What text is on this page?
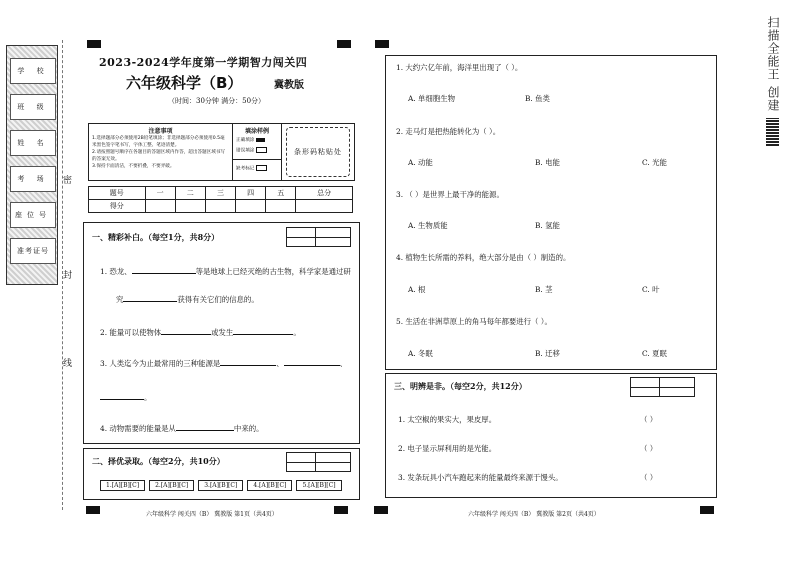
学 校
班 级
姓 名
考 场
座位号
准考证号
密
封
线
2023-2024学年度第一学期智力闯关四
六年级科学（B）	冀教版
（时间：30分钟 满分：50分）
注意事项
1.选择题部分必须使用2B铅笔填涂；非选择题部分必须使用0.5毫米黑色签字笔书写，字体工整、笔迹清楚。
2.请按照题号顺序在各题目的答题区域内作答，超出答题区域书写的答案无效。
3.保持卡面清洁，不要折叠，不要弄破。
填涂样例
正确填涂
错误填涂
缺考标记
条形码粘贴处
题号	一	二	三	四	五	总分
得分						
一、精彩补白。（每空1分，共8分）
1. 恐龙、	等是地球上已经灭绝的古生物，科学家是通过研
究	获得有关它们的信息的。
2. 能量可以使物体	或发生	。
3. 人类迄今为止最常用的三种能源是	、	、
。
4. 动物需要的能量是从	中来的。
二、择优录取。（每空2分，共10分）
1.[A][B][C]	2.[A][B][C]	3.[A][B][C]	4.[A][B][C]	5.[A][B][C]
六年级科学 闯关四（B） 冀教版 第1页（共4页）
1. 大约六亿年前，海洋里出现了（ ）。
A. 单细胞生物	B. 鱼类
2. 走马灯是把热能转化为（ ）。
A. 动能	B. 电能	C. 光能
3. （ ）是世界上最干净的能源。
A. 生物质能	B. 氢能
4. 植物生长所需的养料，绝大部分是由（ ）制造的。
A. 根	B. 茎	C. 叶
5. 生活在非洲草原上的角马每年都要进行（ ）。
A. 冬眠	B. 迁移	C. 夏眠
三、明辨是非。（每空2分，共12分）
1. 太空椒的果实大，果皮厚。	（ ）
2. 电子显示屏利用的是光能。	（ ）
3. 发条玩具小汽车跑起来的能量最终来源于馒头。	（ ）
六年级科学 闯关四（B） 冀教版 第2页（共4页）
扫描全能王 创建
